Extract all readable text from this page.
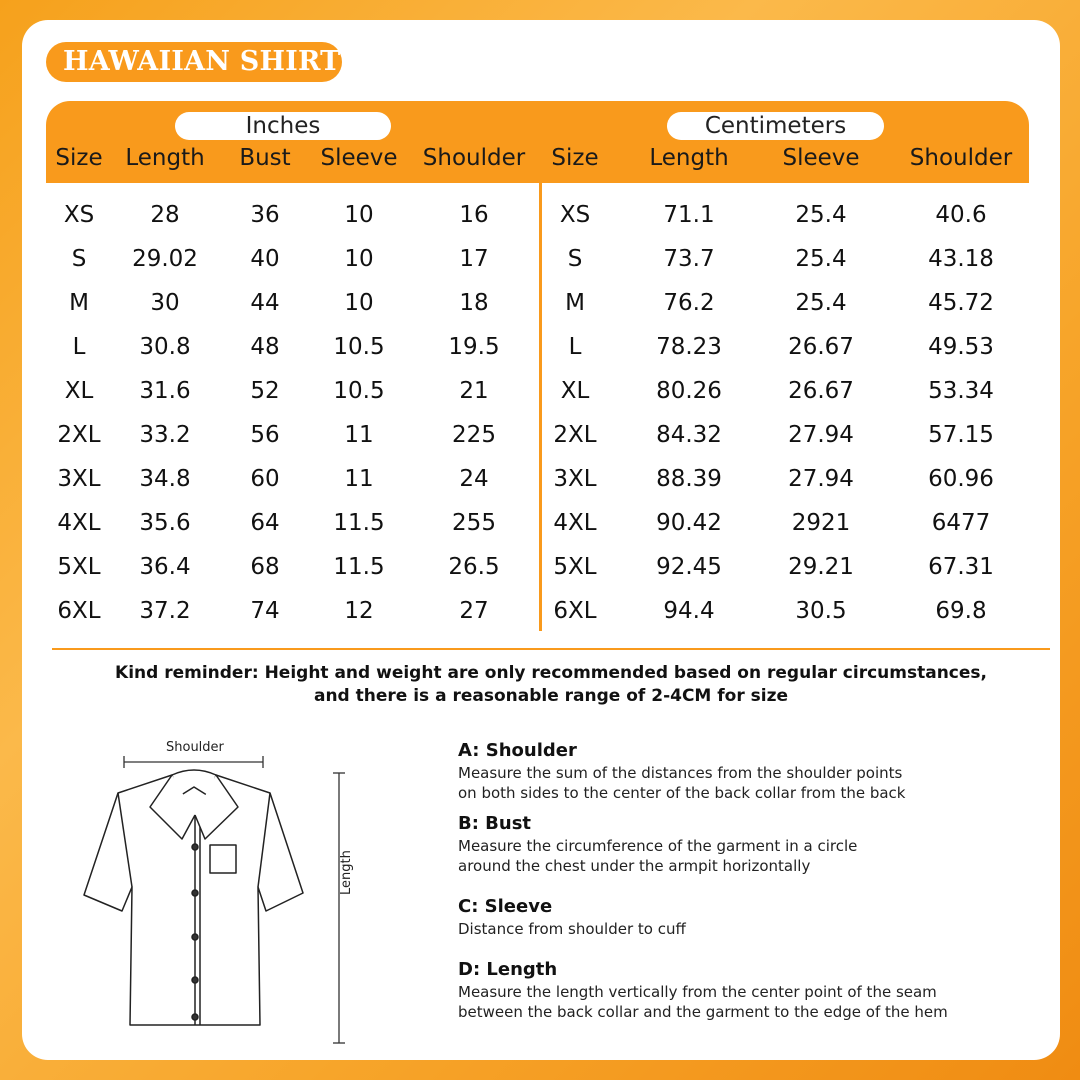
HAWAIIAN SHIRT
Inches	Centimeters
Size Length Bust Sleeve Shoulder Size Length Sleeve Shoulder
XS 28	36	10	16	XS	71.1	25.4	40.6
S 29.02 40	10	17	S	73.7	25.4	43.18
M	30	44	10	18	M	76.2	25.4	45.72
L 30.8	48 10.5	19.5	L	78.23	26.67	49.53
XL 31.6	52 10.5	21	XL	80.26	26.67	53.34
2XL 33.2	56	11	225 2XL	84.32	27.94	57.15
3XL 34.8	60	11	24	3XL	88.39	27.94	60.96
4XL 35.6	64 11.5	255 4XL	90.42	2921	6477
5XL 36.4	68 11.5	26.5 5XL	92.45	29.21	67.31
6XL 37.2	74	12	27	6XL	94.4	30.5	69.8
Kind reminder: Height and weight are only recommended based on regular circumstances,
and there is a reasonable range of 2-4CM for size
Shoulder
Length
A: Shoulder
Measure the sum of the distances from the shoulder points
on both sides to the center of the back collar from the back
B: Bust
Measure the circumference of the garment in a circle
around the chest under the armpit horizontally
C: Sleeve
Distance from shoulder to cuff
D: Length
Measure the length vertically from the center point of the seam
between the back collar and the garment to the edge of the hem
